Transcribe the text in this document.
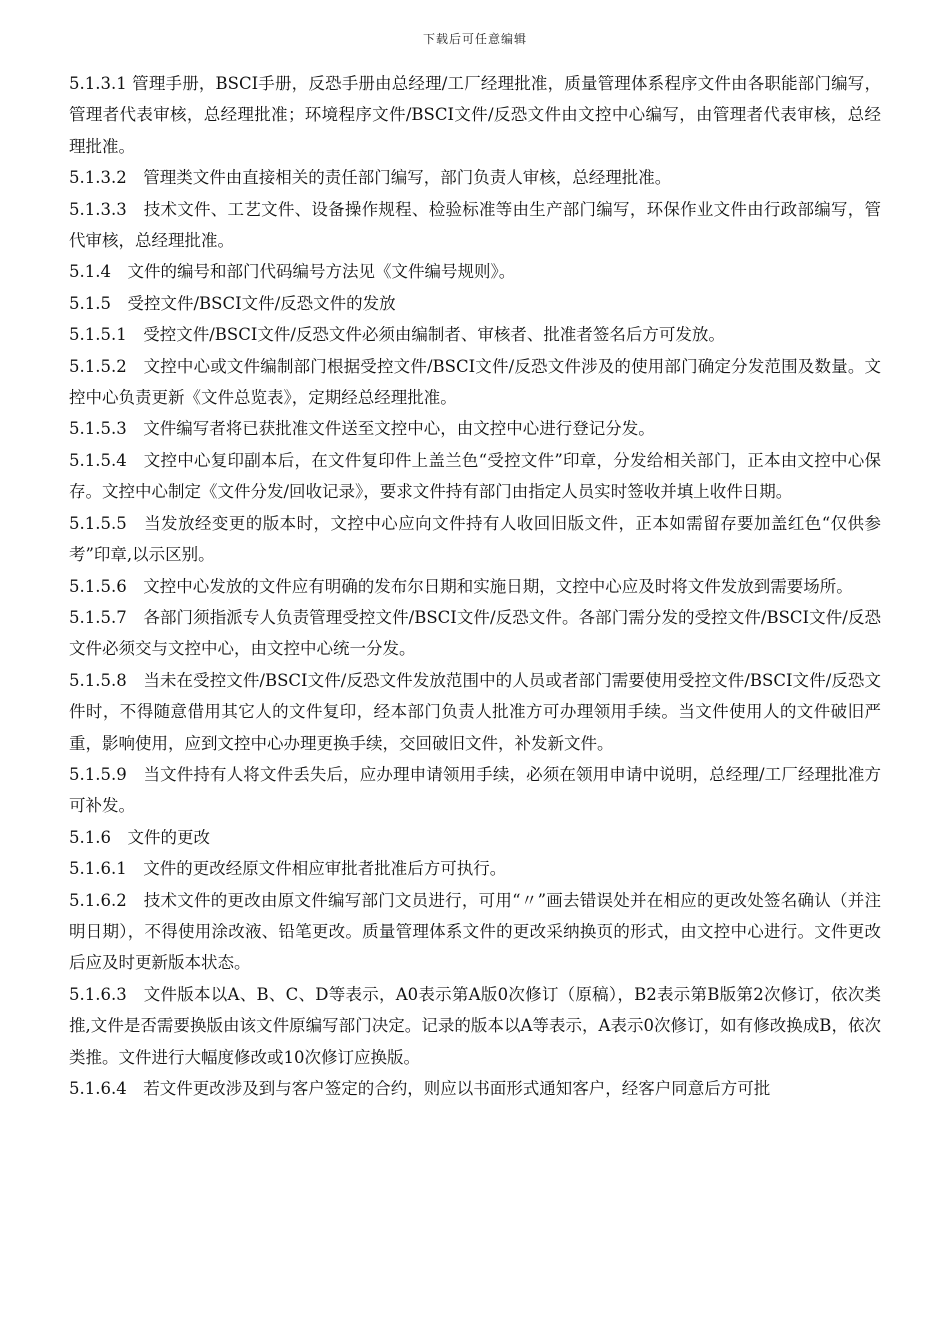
下载后可任意编辑

5.1.3.1 管理手册，BSCI手册，反恐手册由总经理/工厂经理批准，质量管理体系程序文件由各职能部门编写，管理者代表审核，总经理批准；环境程序文件/BSCI文件/反恐文件由文控中心编写，由管理者代表审核，总经理批准。

5.1.3.2　管理类文件由直接相关的责任部门编写，部门负责人审核，总经理批准。

5.1.3.3　技术文件、工艺文件、设备操作规程、检验标准等由生产部门编写，环保作业文件由行政部编写，管代审核，总经理批准。

5.1.4　文件的编号和部门代码编号方法见《文件编号规则》。

5.1.5　受控文件/BSCI文件/反恐文件的发放

5.1.5.1　受控文件/BSCI文件/反恐文件必须由编制者、审核者、批准者签名后方可发放。

5.1.5.2　文控中心或文件编制部门根据受控文件/BSCI文件/反恐文件涉及的使用部门确定分发范围及数量。文控中心负责更新《文件总览表》，定期经总经理批准。

5.1.5.3　文件编写者将已获批准文件送至文控中心，由文控中心进行登记分发。

5.1.5.4　文控中心复印副本后，在文件复印件上盖兰色“受控文件”印章，分发给相关部门，正本由文控中心保存。文控中心制定《文件分发/回收记录》，要求文件持有部门由指定人员实时签收并填上收件日期。

5.1.5.5　当发放经变更的版本时，文控中心应向文件持有人收回旧版文件，正本如需留存要加盖红色“仅供参考”印章,以示区别。

5.1.5.6　文控中心发放的文件应有明确的发布尔日期和实施日期，文控中心应及时将文件发放到需要场所。

5.1.5.7　各部门须指派专人负责管理受控文件/BSCI文件/反恐文件。各部门需分发的受控文件/BSCI文件/反恐文件必须交与文控中心，由文控中心统一分发。

5.1.5.8　当未在受控文件/BSCI文件/反恐文件发放范围中的人员或者部门需要使用受控文件/BSCI文件/反恐文件时，不得随意借用其它人的文件复印，经本部门负责人批准方可办理领用手续。当文件使用人的文件破旧严重，影响使用，应到文控中心办理更换手续，交回破旧文件，补发新文件。

5.1.5.9　当文件持有人将文件丢失后，应办理申请领用手续，必须在领用申请中说明，总经理/工厂经理批准方可补发。

5.1.6　文件的更改

5.1.6.1　文件的更改经原文件相应审批者批准后方可执行。

5.1.6.2　技术文件的更改由原文件编写部门文员进行，可用“〃”画去错误处并在相应的更改处签名确认（并注明日期），不得使用涂改液、铅笔更改。质量管理体系文件的更改采纳换页的形式，由文控中心进行。文件更改后应及时更新版本状态。

5.1.6.3　文件版本以A、B、C、D等表示，A0表示第A版0次修订（原稿），B2表示第B版第2次修订，依次类推,文件是否需要换版由该文件原编写部门决定。记录的版本以A等表示，A表示0次修订，如有修改换成B，依次类推。文件进行大幅度修改或10次修订应换版。

5.1.6.4　若文件更改涉及到与客户签定的合约，则应以书面形式通知客户，经客户同意后方可批
